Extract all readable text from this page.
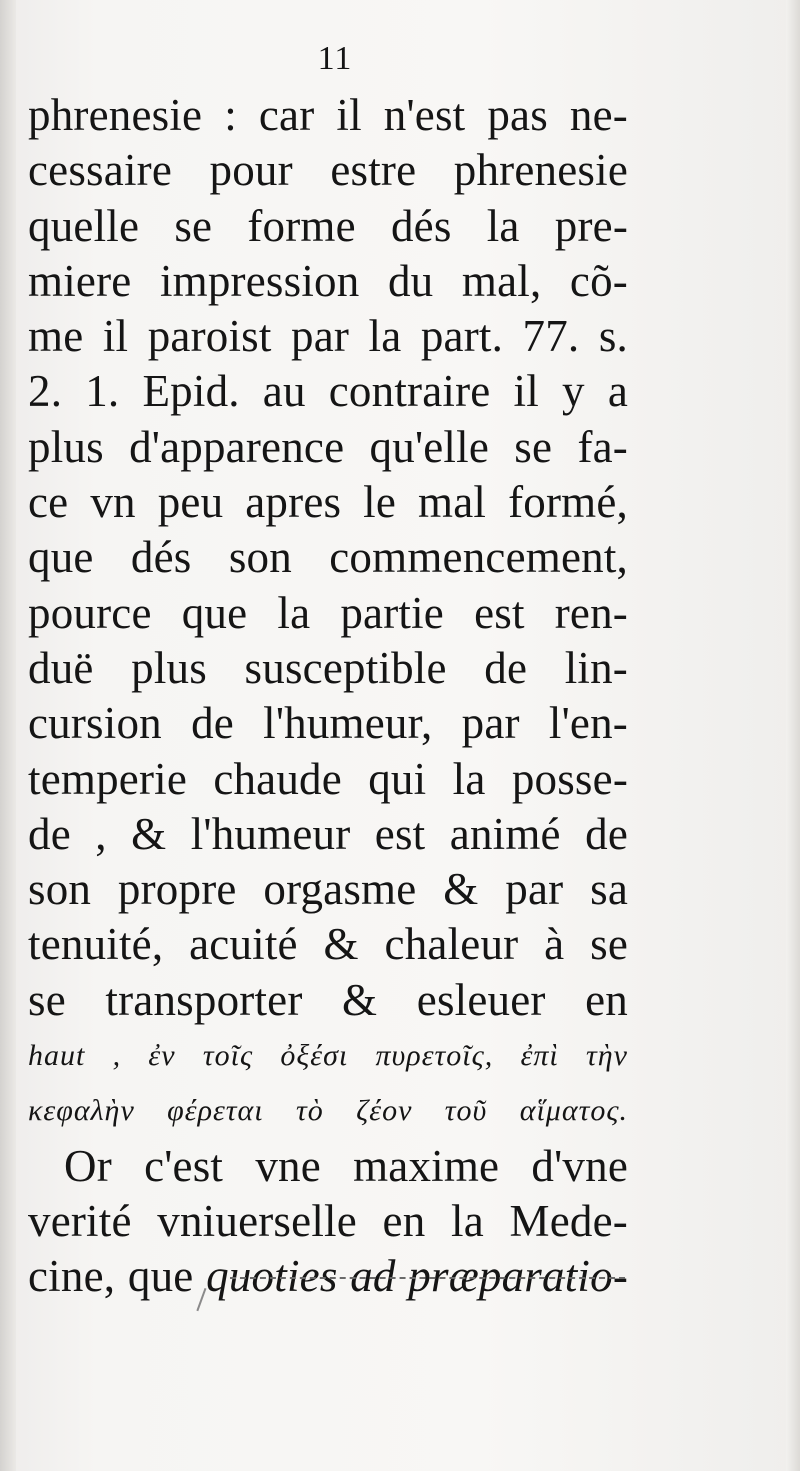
11
phrenesie : car il n'est pas ne-
cessaire pour estre phrenesie
quelle se forme dés la pre-
miere impression du mal, cõ-
me il paroist par la part. 77. s.
2. 1. Epid. au contraire il y a
plus d'apparence qu'elle se fa-
ce vn peu apres le mal formé,
que dés son commencement,
pource que la partie est ren-
duë plus susceptible de lin-
cursion de l'humeur, par l'en-
temperie chaude qui la posse-
de , & l'humeur est animé de
son propre orgasme & par sa
tenuité, acuité & chaleur à se
se transporter & esleuer en
haut , ἐν τοῖς ὀξέσι πυρετοῖς, ἐπὶ τὴν
κεφαλὴν φέρεται τὸ ζέον τοῦ αἵματος.
Or c'est vne maxime d'vne
verité vniuerselle en la Mede-
cine, que quoties ad præparatio-
